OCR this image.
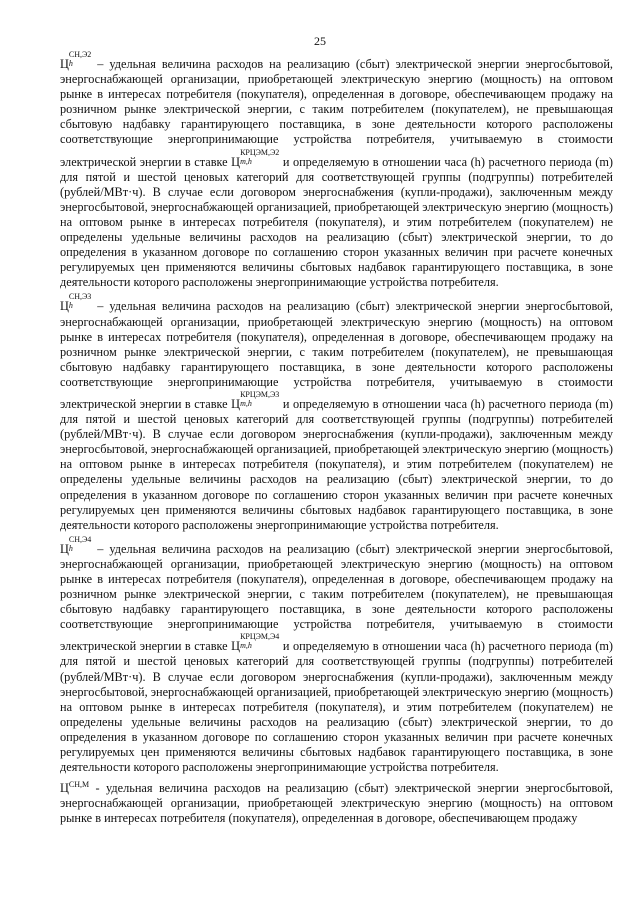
25

ЦСН,Э2
h – удельная величина расходов на реализацию (сбыт) электрической энергии энергосбытовой, энергоснабжающей организации, приобретающей электрическую энергию (мощность) на оптовом рынке в интересах потребителя (покупателя), определенная в договоре, обеспечивающем продажу на розничном рынке электрической энергии, с таким потребителем (покупателем), не превышающая сбытовую надбавку гарантирующего поставщика, в зоне деятельности которого расположены соответствующие энергопринимающие устройства потребителя, учитываемую в стоимости электрической энергии в ставке ЦКРЦЭМ,Э2
m,h и определяемую в отношении часа (h) расчетного периода (m) для пятой и шестой ценовых категорий для соответствующей группы (подгруппы) потребителей (рублей/МВт·ч). В случае если договором энергоснабжения (купли-продажи), заключенным между энергосбытовой, энергоснабжающей организацией, приобретающей электрическую энергию (мощность) на оптовом рынке в интересах потребителя (покупателя), и этим потребителем (покупателем) не определены удельные величины расходов на реализацию (сбыт) электрической энергии, то до определения в указанном договоре по соглашению сторон указанных величин при расчете конечных регулируемых цен применяются величины сбытовых надбавок гарантирующего поставщика, в зоне деятельности которого расположены энергопринимающие устройства потребителя.

ЦСН,Э3
h – удельная величина расходов на реализацию (сбыт) электрической энергии энергосбытовой, энергоснабжающей организации, приобретающей электрическую энергию (мощность) на оптовом рынке в интересах потребителя (покупателя), определенная в договоре, обеспечивающем продажу на розничном рынке электрической энергии, с таким потребителем (покупателем), не превышающая сбытовую надбавку гарантирующего поставщика, в зоне деятельности которого расположены соответствующие энергопринимающие устройства потребителя, учитываемую в стоимости электрической энергии в ставке ЦКРЦЭМ,Э3
m,h и определяемую в отношении часа (h) расчетного периода (m) для пятой и шестой ценовых категорий для соответствующей группы (подгруппы) потребителей (рублей/МВт·ч). В случае если договором энергоснабжения (купли-продажи), заключенным между энергосбытовой, энергоснабжающей организацией, приобретающей электрическую энергию (мощность) на оптовом рынке в интересах потребителя (покупателя), и этим потребителем (покупателем) не определены удельные величины расходов на реализацию (сбыт) электрической энергии, то до определения в указанном договоре по соглашению сторон указанных величин при расчете конечных регулируемых цен применяются величины сбытовых надбавок гарантирующего поставщика, в зоне деятельности которого расположены энергопринимающие устройства потребителя.

ЦСН,Э4
h – удельная величина расходов на реализацию (сбыт) электрической энергии энергосбытовой, энергоснабжающей организации, приобретающей электрическую энергию (мощность) на оптовом рынке в интересах потребителя (покупателя), определенная в договоре, обеспечивающем продажу на розничном рынке электрической энергии, с таким потребителем (покупателем), не превышающая сбытовую надбавку гарантирующего поставщика, в зоне деятельности которого расположены соответствующие энергопринимающие устройства потребителя, учитываемую в стоимости электрической энергии в ставке ЦКРЦЭМ,Э4
m,h и определяемую в отношении часа (h) расчетного периода (m) для пятой и шестой ценовых категорий для соответствующей группы (подгруппы) потребителей (рублей/МВт·ч). В случае если договором энергоснабжения (купли-продажи), заключенным между энергосбытовой, энергоснабжающей организацией, приобретающей электрическую энергию (мощность) на оптовом рынке в интересах потребителя (покупателя), и этим потребителем (покупателем) не определены удельные величины расходов на реализацию (сбыт) электрической энергии, то до определения в указанном договоре по соглашению сторон указанных величин при расчете конечных регулируемых цен применяются величины сбытовых надбавок гарантирующего поставщика, в зоне деятельности которого расположены энергопринимающие устройства потребителя.

$Ц^{СН,М}$ - удельная величина расходов на реализацию (сбыт) электрической энергии энергосбытовой, энергоснабжающей организации, приобретающей электрическую энергию (мощность) на оптовом рынке в интересах потребителя (покупателя), определенная в договоре, обеспечивающем продажу
